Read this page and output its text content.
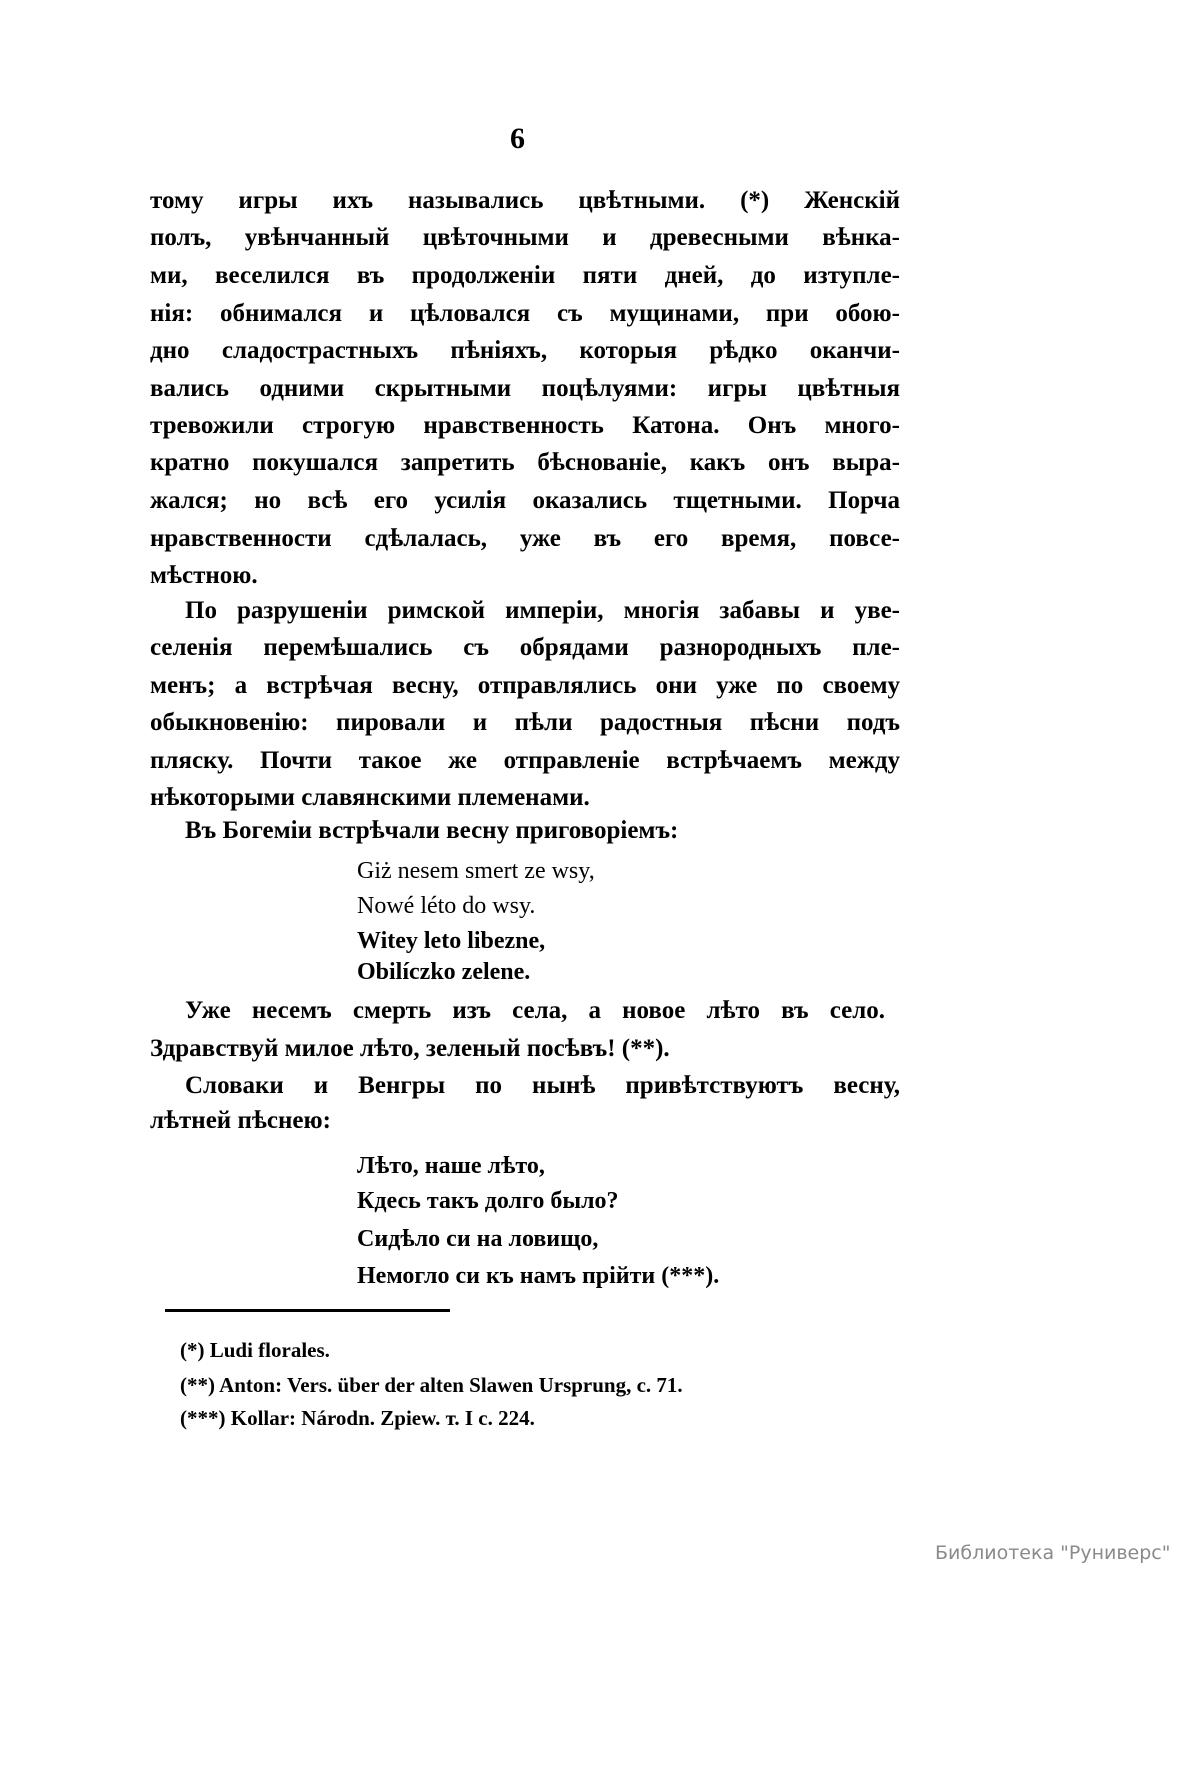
6
тому игры ихъ назывались цвѣтными. (*) Женскій
полъ, увѣнчанный цвѣточными и древесными вѣнка-
ми, веселился въ продолженіи пяти дней, до изтупле-
нія: обнимался и цѣловался съ мущинами, при обою-
дно сладострастныхъ пѣніяхъ, которыя рѣдко оканчи-
вались одними скрытными поцѣлуями: игры цвѣтныя
тревожили строгую нравственность Катона. Онъ много-
кратно покушался запретить бѣснованіе, какъ онъ выра-
жался; но всѣ его усилія оказались тщетными. Порча
нравственности сдѣлалась, уже въ его время, повсе-
мѣстною.
По разрушеніи римской имперіи, многія забавы и уве-
селенія перемѣшались съ обрядами разнородныхъ пле-
менъ; а встрѣчая весну, отправлялись они уже по своему
обыкновенію: пировали и пѣли радостныя пѣсни подъ
пляску. Почти такое же отправленіе встрѣчаемъ между
нѣкоторыми славянскими племенами.
Въ Богеміи встрѣчали весну приговоріемъ:
Giż nesem smert ze wsy,
Nowé léto do wsy.
Witey leto libezne,
Obilíczko zelene.
Уже несемъ смерть изъ села, а новое лѣто въ село.
Здравствуй милое лѣто, зеленый посѣвъ! (**).
Словаки и Венгры по нынѣ привѣтствуютъ весну,
лѣтней пѣснею:
Лѣто, наше лѣто,
Кдесь такъ долго было?
Сидѣло си на ловищо,
Немогло си къ намъ прійти (***).
(*) Ludi florales.
(**) Anton: Vers. über der alten Slawen Ursprung, c. 71.
(***) Kollar: Národn. Zpiew. т. I с. 224.
Библиотека "Руниверс"
